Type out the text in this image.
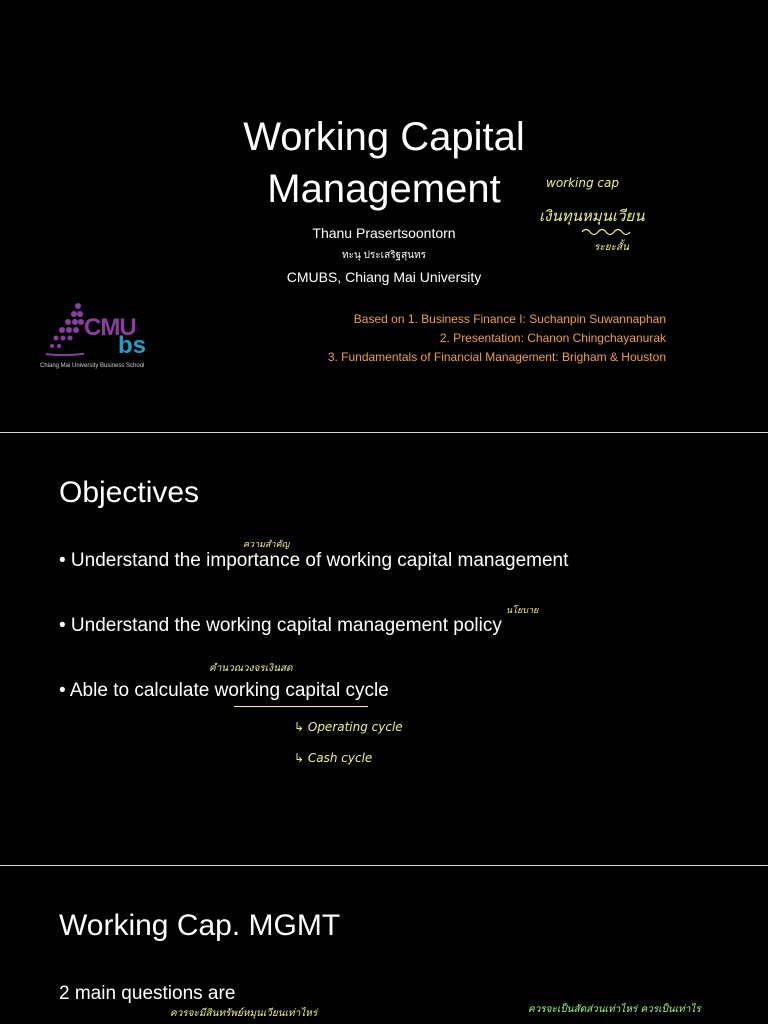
Working Capital
Management
Thanu Prasertsoontorn
ทะนุ ประเสริฐสุนทร
CMUBS, Chiang Mai University
working cap
เงินทุนหมุนเวียน
ระยะสั้น
CMU
bs
Chiang Mai University Business School
Based on 1. Business Finance I: Suchanpin Suwannaphan
2. Presentation: Chanon Chingchayanurak
3. Fundamentals of Financial Management: Brigham & Houston
Objectives
ความสำคัญ
• Understand the importance of working capital management
นโยบาย
• Understand the working capital management policy
คำนวณวงจรเงินสด
• Able to calculate working capital cycle
↳ Operating cycle
↳ Cash cycle
Working Cap. MGMT
2 main questions are
ควรจะมีสินทรัพย์หมุนเวียนเท่าไหร่	ควรจะเป็นสัดส่วนเท่าไหร่ ควรเป็นเท่าไร
